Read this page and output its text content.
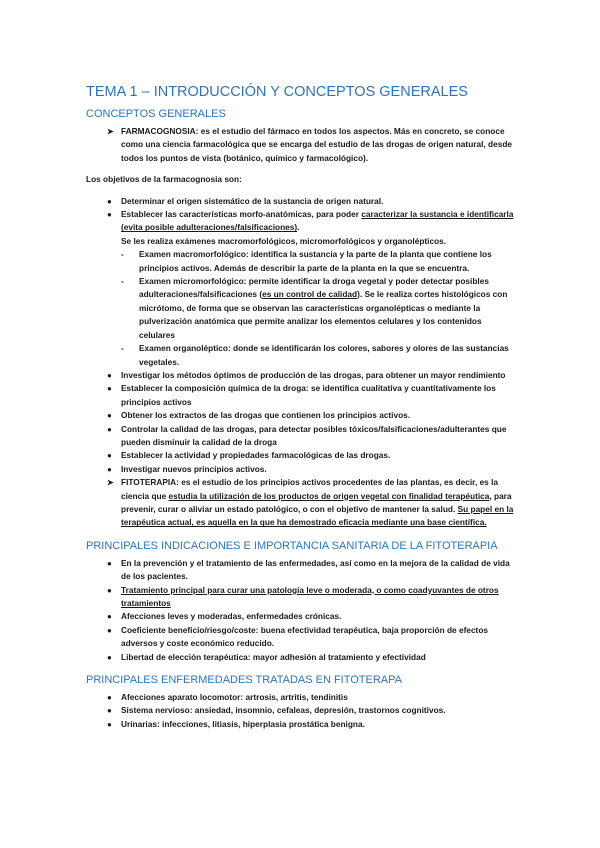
TEMA 1 – INTRODUCCIÓN Y CONCEPTOS GENERALES
CONCEPTOS GENERALES
➤ FARMACOGNOSIA: es el estudio del fármaco en todos los aspectos. Más en concreto, se conoce como una ciencia farmacológica que se encarga del estudio de las drogas de origen natural, desde todos los puntos de vista (botánico, químico y farmacológico).
Los objetivos de la farmacognosia son:
● Determinar el origen sistemático de la sustancia de origen natural.
● Establecer las características morfo-anatómicas, para poder caracterizar la sustancia e identificarla (evita posible adulteraciones/falsificaciones).
Se les realiza exámenes macromorfológicos, micromorfológicos y organolépticos.
- Examen macromorfológico: identifica la sustancia y la parte de la planta que contiene los principios activos. Además de describir la parte de la planta en la que se encuentra.
- Examen micromorfológico: permite identificar la droga vegetal y poder detectar posibles adulteraciones/falsificaciones (es un control de calidad). Se le realiza cortes histológicos con micrótomo, de forma que se observan las características organolépticas o mediante la pulverización anatómica que permite analizar los elementos celulares y los contenidos celulares
- Examen organoléptico: donde se identificarán los colores, sabores y olores de las sustancias vegetales.
● Investigar los métodos óptimos de producción de las drogas, para obtener un mayor rendimiento
● Establecer la composición química de la droga: se identifica cualitativa y cuantitativamente los principios activos
● Obtener los extractos de las drogas que contienen los principios activos.
● Controlar la calidad de las drogas, para detectar posibles tóxicos/falsificaciones/adulterantes que pueden disminuir la calidad de la droga
● Establecer la actividad y propiedades farmacológicas de las drogas.
● Investigar nuevos principios activos.
➤ FITOTERAPIA: es el estudio de los principios activos procedentes de las plantas, es decir, es la ciencia que estudia la utilización de los productos de origen vegetal con finalidad terapéutica, para prevenir, curar o aliviar un estado patológico, o con el objetivo de mantener la salud. Su papel en la terapéutica actual, es aquella en la que ha demostrado eficacia mediante una base científica.
PRINCIPALES INDICACIONES E IMPORTANCIA SANITARIA DE LA FITOTERAPIA
● En la prevención y el tratamiento de las enfermedades, así como en la mejora de la calidad de vida de los pacientes.
● Tratamiento principal para curar una patología leve o moderada, o como coadyuvantes de otros tratamientos
● Afecciones leves y moderadas, enfermedades crónicas.
● Coeficiente beneficio/riesgo/coste: buena efectividad terapéutica, baja proporción de efectos adversos y coste económico reducido.
● Libertad de elección terapéutica: mayor adhesión al tratamiento y efectividad
PRINCIPALES ENFERMEDADES TRATADAS EN FITOTERAPA
● Afecciones aparato locomotor: artrosis, artritis, tendinitis
● Sistema nervioso: ansiedad, insomnio, cefaleas, depresión, trastornos cognitivos.
● Urinarias: infecciones, litiasis, hiperplasia prostática benigna.
